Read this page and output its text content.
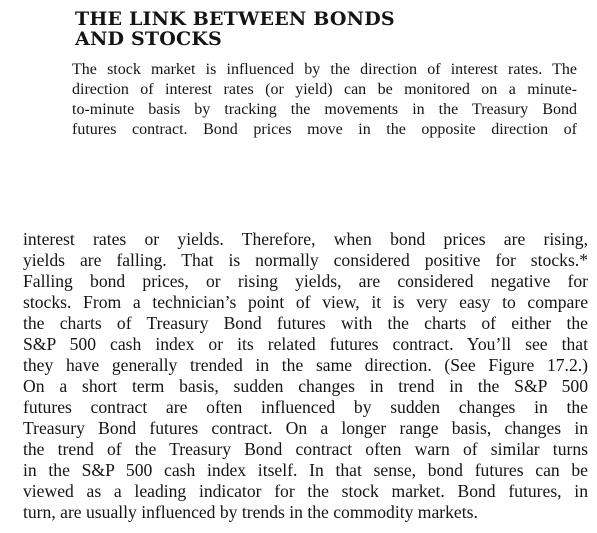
THE LINK BETWEEN BONDS
AND STOCKS
The stock market is influenced by the direction of interest rates. The
direction of interest rates (or yield) can be monitored on a minute-
to-minute basis by tracking the movements in the Treasury Bond
futures contract. Bond prices move in the opposite direction of
interest rates or yields. Therefore, when bond prices are rising,
yields are falling. That is normally considered positive for stocks.*
Falling bond prices, or rising yields, are considered negative for
stocks. From a technician’s point of view, it is very easy to compare
the charts of Treasury Bond futures with the charts of either the
S&P 500 cash index or its related futures contract. You’ll see that
they have generally trended in the same direction. (See Figure 17.2.)
On a short term basis, sudden changes in trend in the S&P 500
futures contract are often influenced by sudden changes in the
Treasury Bond futures contract. On a longer range basis, changes in
the trend of the Treasury Bond contract often warn of similar turns
in the S&P 500 cash index itself. In that sense, bond futures can be
viewed as a leading indicator for the stock market. Bond futures, in
turn, are usually influenced by trends in the commodity markets.
